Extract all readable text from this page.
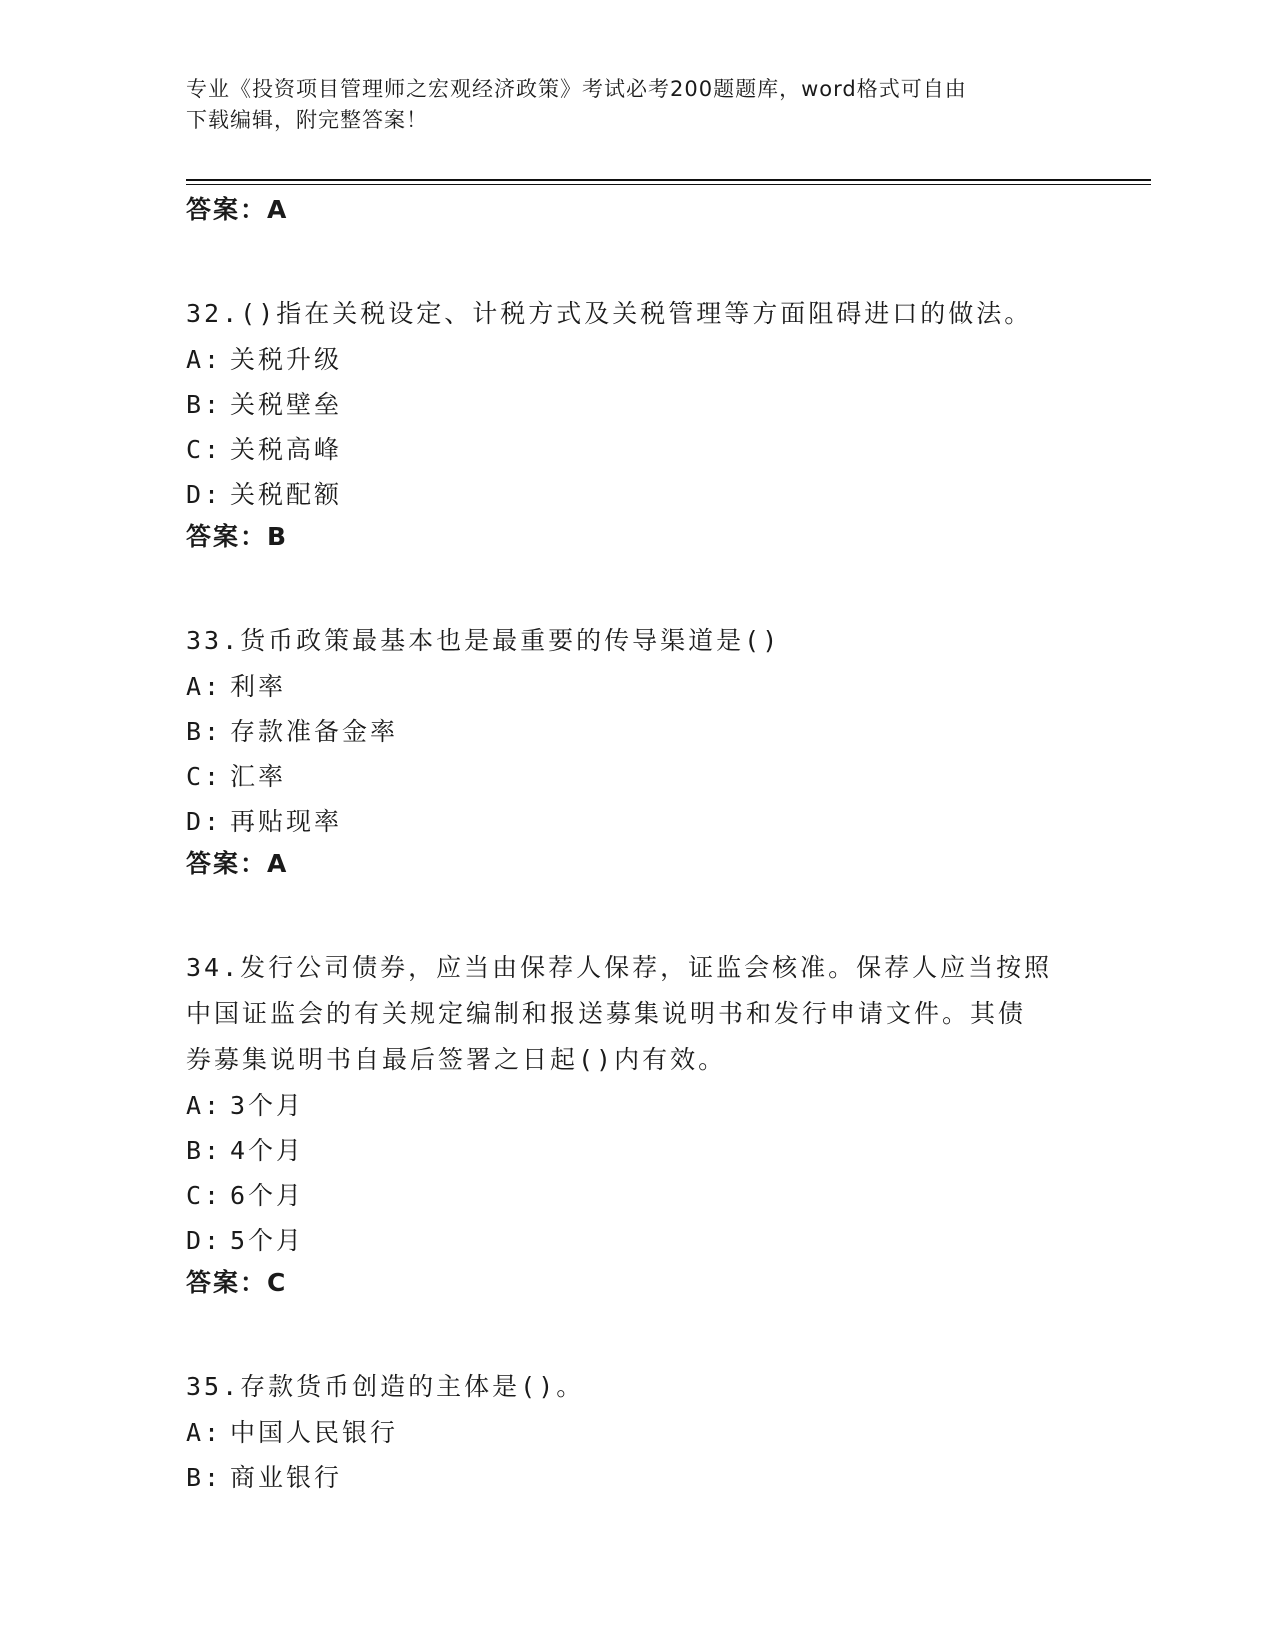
专业《投资项目管理师之宏观经济政策》考试必考200题题库，word格式可自由
下载编辑，附完整答案！
答案：A
32.()指在关税设定、计税方式及关税管理等方面阻碍进口的做法。
A: 关税升级
B: 关税壁垒
C: 关税高峰
D: 关税配额
答案：B
33.货币政策最基本也是最重要的传导渠道是()
A: 利率
B: 存款准备金率
C: 汇率
D: 再贴现率
答案：A
34.发行公司债券，应当由保荐人保荐，证监会核准。保荐人应当按照
中国证监会的有关规定编制和报送募集说明书和发行申请文件。其债
券募集说明书自最后签署之日起()内有效。
A: 3个月
B: 4个月
C: 6个月
D: 5个月
答案：C
35.存款货币创造的主体是()。
A: 中国人民银行
B: 商业银行
